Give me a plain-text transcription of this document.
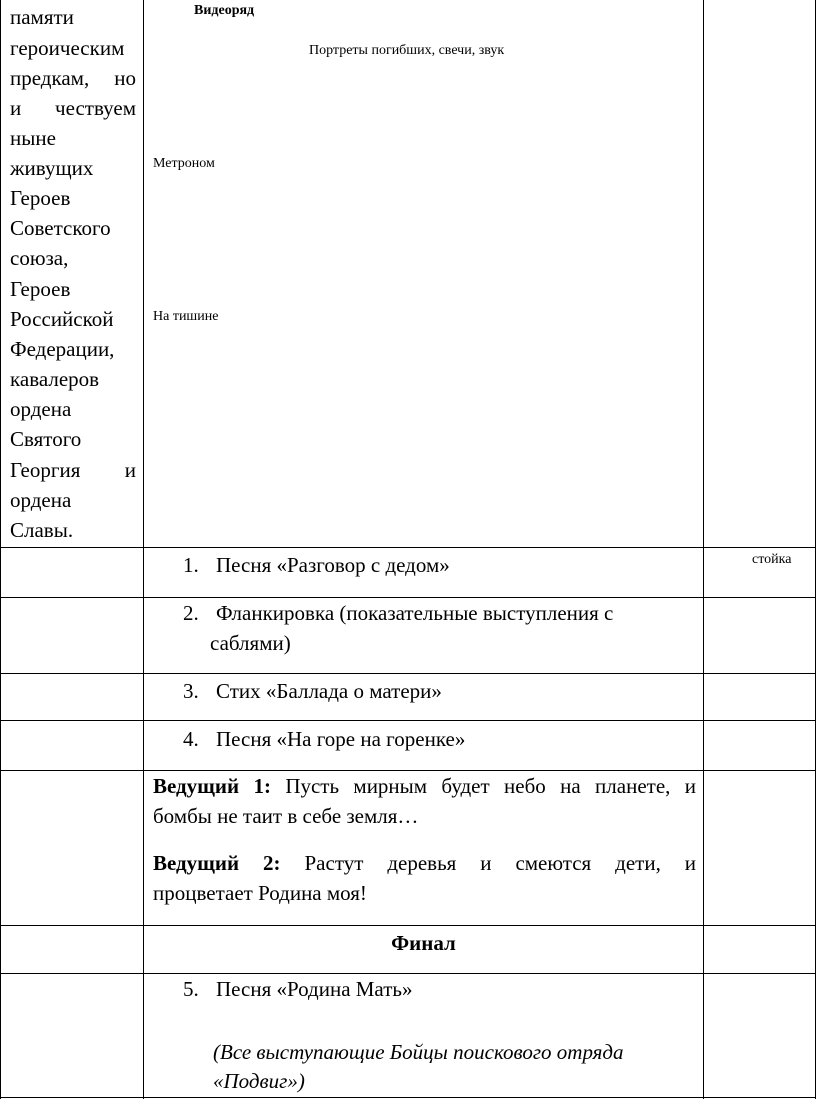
памяти
героическим
предкам, но
и чествуем
ныне
живущих
Героев
Советского
союза,
Героев
Российской
Федерации,
кавалеров
ордена
Святого
Георгия и
ордена
Славы.
Видеоряд
Портреты погибших, свечи, звук
Метроном
На тишине
1. Песня «Разговор с дедом»	стойка
2. Фланкировка (показательные выступления с
саблями)
3. Стих «Баллада о матери»
4. Песня «На горе на горенке»
Ведущий 1: Пусть мирным будет небо на планете, и
бомбы не таит в себе земля…
Ведущий 2: Растут деревья и смеются дети, и
процветает Родина моя!
Финал
5. Песня «Родина Мать»
(Все выступающие Бойцы поискового отряда
«Подвиг»)
